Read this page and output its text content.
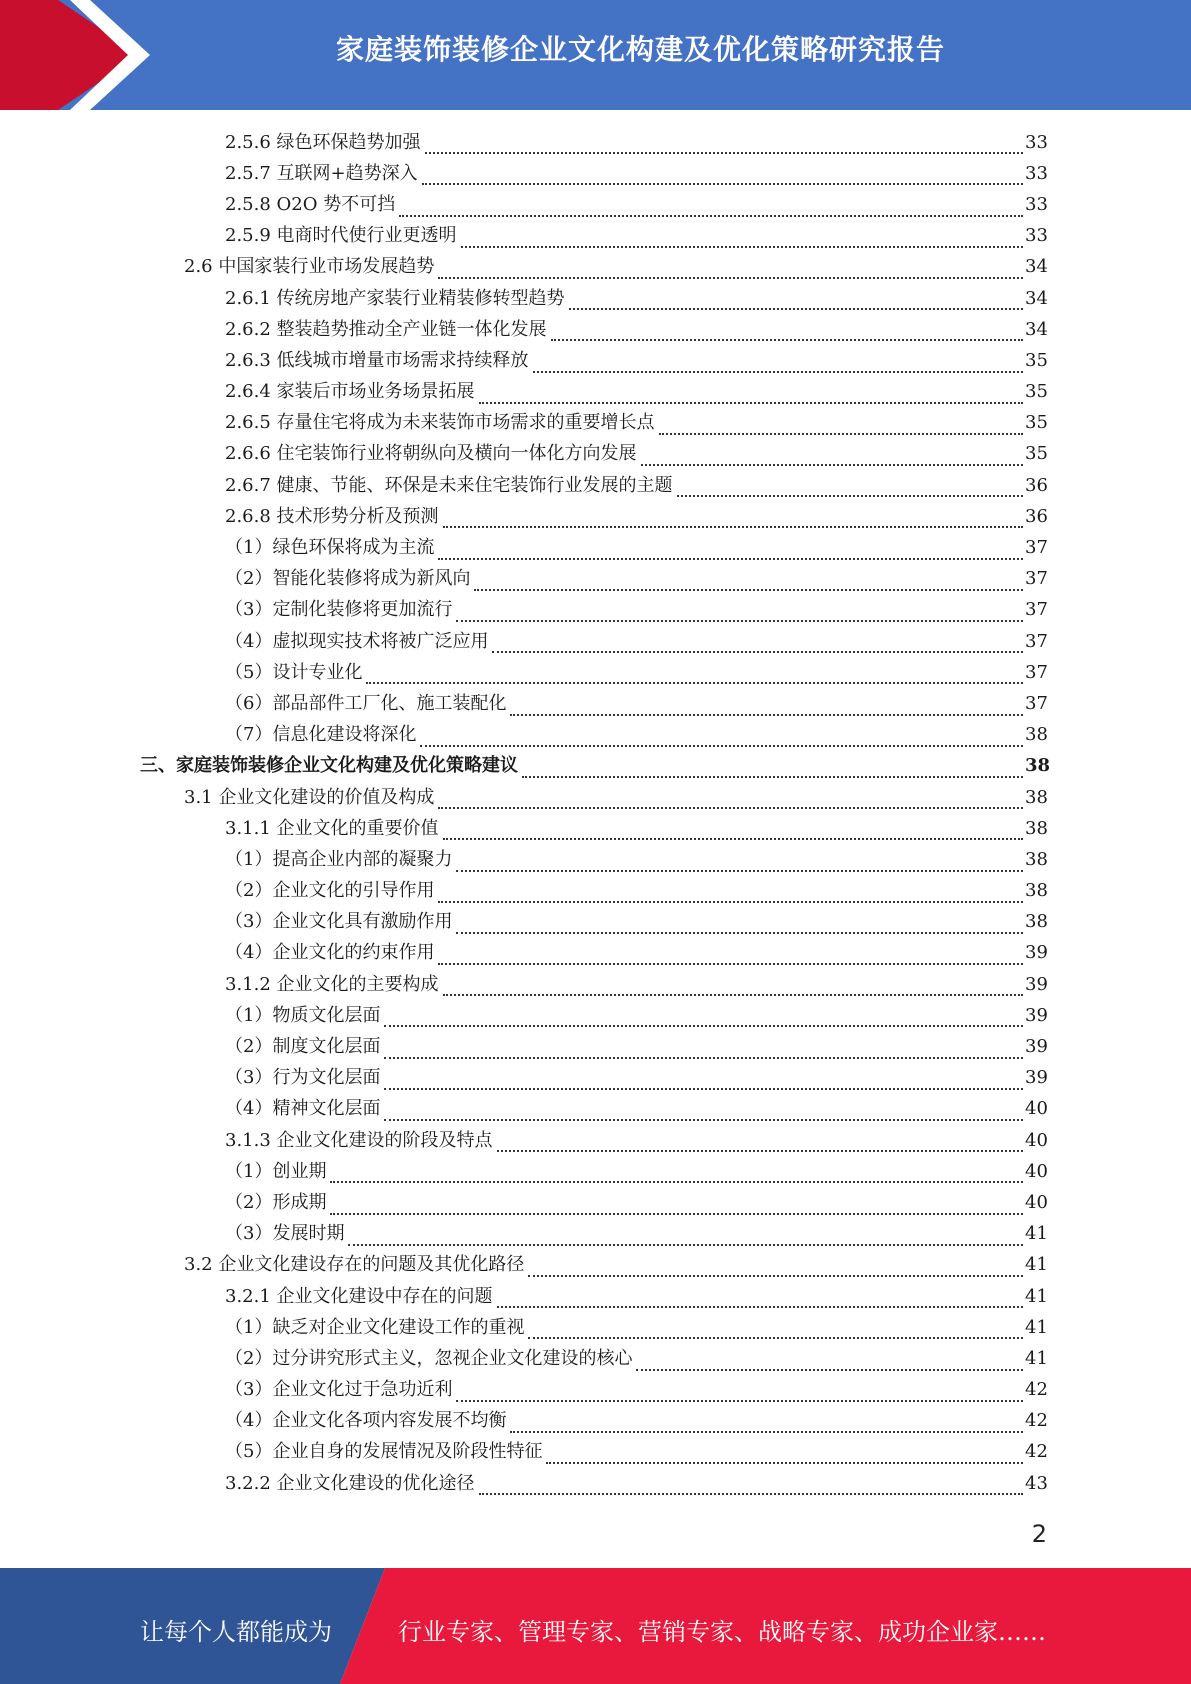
家庭装饰装修企业文化构建及优化策略研究报告
2.5.6 绿色环保趋势加强	33
2.5.7 互联网+趋势深入	33
2.5.8 O2O 势不可挡	33
2.5.9 电商时代使行业更透明	33
2.6 中国家装行业市场发展趋势	34
2.6.1 传统房地产家装行业精装修转型趋势	34
2.6.2 整装趋势推动全产业链一体化发展	34
2.6.3 低线城市增量市场需求持续释放	35
2.6.4 家装后市场业务场景拓展	35
2.6.5 存量住宅将成为未来装饰市场需求的重要增长点	35
2.6.6 住宅装饰行业将朝纵向及横向一体化方向发展	35
2.6.7 健康、节能、环保是未来住宅装饰行业发展的主题	36
2.6.8 技术形势分析及预测	36
（1）绿色环保将成为主流	37
（2）智能化装修将成为新风向	37
（3）定制化装修将更加流行	37
（4）虚拟现实技术将被广泛应用	37
（5）设计专业化	37
（6）部品部件工厂化、施工装配化	37
（7）信息化建设将深化	38
三、家庭装饰装修企业文化构建及优化策略建议	38
3.1 企业文化建设的价值及构成	38
3.1.1 企业文化的重要价值	38
（1）提高企业内部的凝聚力	38
（2）企业文化的引导作用	38
（3）企业文化具有激励作用	38
（4）企业文化的约束作用	39
3.1.2 企业文化的主要构成	39
（1）物质文化层面	39
（2）制度文化层面	39
（3）行为文化层面	39
（4）精神文化层面	40
3.1.3 企业文化建设的阶段及特点	40
（1）创业期	40
（2）形成期	40
（3）发展时期	41
3.2 企业文化建设存在的问题及其优化路径	41
3.2.1 企业文化建设中存在的问题	41
（1）缺乏对企业文化建设工作的重视	41
（2）过分讲究形式主义，忽视企业文化建设的核心	41
（3）企业文化过于急功近利	42
（4）企业文化各项内容发展不均衡	42
（5）企业自身的发展情况及阶段性特征	42
3.2.2 企业文化建设的优化途径	43
2
让每个人都能成为	行业专家、管理专家、营销专家、战略专家、成功企业家……
